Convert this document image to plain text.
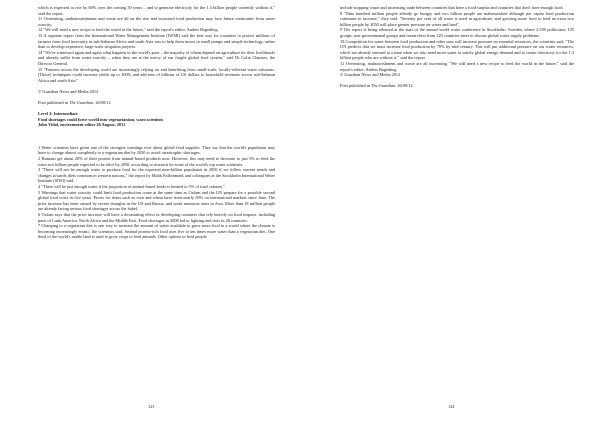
which is expected to rise by 60% over the coming 30 years – and to generate electricity for the 1.3 billion people currently without it," said the report.

11 Overeating, undernourishment and waste are all on the rise and increased food production may face future constraints from water scarcity.

12 "We will need a new recipe to feed the world in the future," said the report's editor, Anders Bagenkog.

13 A separate report from the International Water Management Institute (IWMI) said the best way for countries to protect millions of farmers from food insecurity in sub-Saharan Africa and south Asia was to help them invest in small pumps and simple technology, rather than to develop expensive, large-scale irrigation projects.

14 "We've witnessed again and again what happens to the world's poor – the majority of whom depend on agriculture for their livelihoods and already suffer from water scarcity – when they are at the mercy of our fragile global food system," said Dr Colin Chartres, the Director General.

15 "Farmers across the developing world are increasingly relying on and benefiting from small-scale, locally-relevant water solutions. [These] techniques could increase yields up to 300% and add tens of billions of US dollars to household revenues across sub-Saharan Africa and south Asia."

© Guardian News and Media 2012

First published in The Guardian, 26/08/12

Level 2: Intermediate

Food shortages could force world into vegetarianism, warn scientists

John Vidal, environment editor 26 August, 2012

1 Water scientists have given one of the strongest warnings ever about global food supplies. They say that the world's population may have to change almost completely to a vegetarian diet by 2050 to avoid catastrophic shortages.

2 Humans get about 20% of their protein from animal-based products now. However, this may need to decrease to just 5% to feed the extra two billion people expected to be alive by 2050, according to research by some of the world's top water scientists.

3 "There will not be enough water to produce food for the expected nine-billion population in 2050 if we follow current trends and changes towards diets common in western nations," the report by Malik Falkenmark and colleagues at the Stockholm International Water Institute (SIWI) said.

4 "There will be just enough water if the proportion of animal-based foods is limited to 5% of total calories."

5 Warnings that water scarcity could limit food production come at the same time as Oxfam and the UN prepare for a possible second global food crisis in five years. Prices for items such as corn and wheat have risen nearly 50% on international markets since June. The price increase has been caused by severe droughts in the US and Russia, and weak monsoon rains in Asia. More than 18 million people are already facing serious food shortages across the Sahel.

6 Oxfam says that the price increase will have a devastating effect in developing countries that rely heavily on food imports, including parts of Latin America, North Africa and the Middle East. Food shortages in 2008 led to fighting and riots in 28 countries.

7 Changing to a vegetarian diet is one way to increase the amount of water available to grow more food in a world where the climate is becoming increasingly erratic, the scientists said. Animal protein-rich food uses five to ten times more water than a vegetarian diet. One third of the world's arable land is used to grow crops to feed animals. Other options to feed people

123

include stopping waste and increasing trade between countries that have a food surplus and countries that don't have enough food.

8 "Nine hundred million people already go hungry and two billion people are malnourished although per capita food production continues to increase," they said. "Seventy per cent of all water is used in agriculture, and growing more food to feed an extra two billion people by 2050 will place greater pressure on water and land".

9 The report is being released at the start of the annual world water conference in Stockholm, Sweden, where 2,500 politicians, UN groups, non-governmental groups and researchers from 120 countries meet to discuss global water supply problems.

10 Competition for water between food production and other uses will increase pressure on essential resources, the scientists said. "The UN predicts that we must increase food production by 70% by mid-century. This will put additional pressure on our water resources, which are already stressed at a time when we also need more water to satisfy global energy demand and to create electricity for the 1.3 billion people who are without it," said the report.

11 Overeating, malnourishment and waste are all increasing. "We will need a new recipe to feed the world in the future," said the report's editor, Anders Bagenkog

© Guardian News and Media 2012

First published in The Guardian, 26/08/12

124
